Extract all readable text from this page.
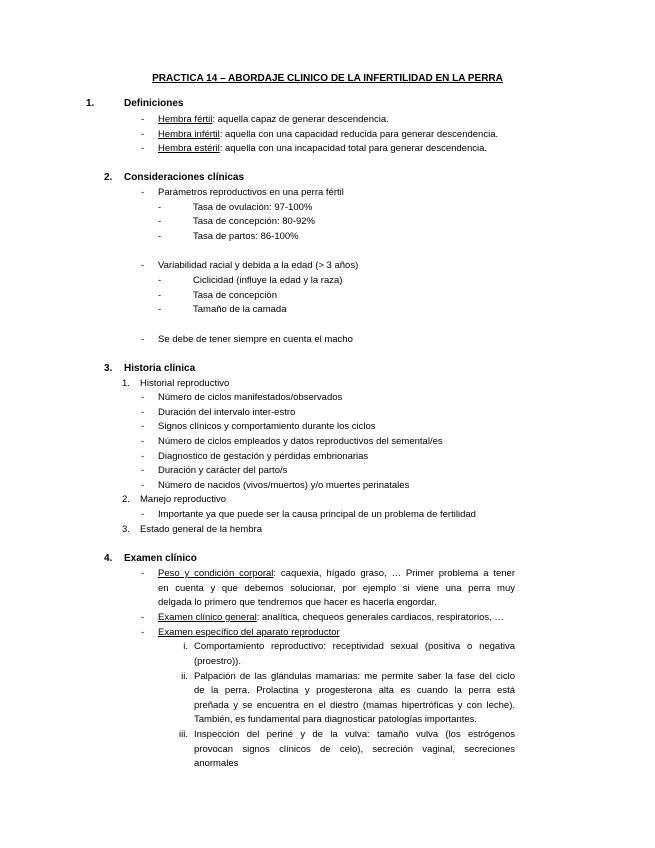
PRACTICA 14 – ABORDAJE CLINICO DE LA INFERTILIDAD EN LA PERRA
1.	Definiciones
- Hembra fértil: aquella capaz de generar descendencia.
- Hembra infértil: aquella con una capacidad reducida para generar descendencia.
- Hembra estéril: aquella con una incapacidad total para generar descendencia.
2. Consideraciones clínicas
- Parámetros reproductivos en una perra fértil
-	Tasa de ovulación: 97-100%
-	Tasa de concepción: 80-92%
-	Tasa de partos: 86-100%
- Variabilidad racial y debida a la edad (> 3 años)
-	Ciclicidad (influye la edad y la raza)
-	Tasa de concepción
-	Tamaño de la camada
- Se debe de tener siempre en cuenta el macho
3. Historia clínica
1. Historial reproductivo
- Número de ciclos manifestados/observados
- Duración del intervalo inter-estro
- Signos clínicos y comportamiento durante los ciclos
- Número de ciclos empleados y datos reproductivos del semental/es
- Diagnostico de gestación y pérdidas embrionarias
- Duración y carácter del parto/s
- Número de nacidos (vivos/muertos) y/o muertes perinatales
2. Manejo reproductivo
- Importante ya que puede ser la causa principal de un problema de fertilidad
3. Estado general de la hembra
4. Examen clínico
- Peso y condición corporal: caquexia, hígado graso, … Primer problema a tener
en cuenta y que debemos solucionar, por ejemplo si viene una perra muy
delgada lo primero que tendremos que hacer es hacerla engordar.
- Examen clínico general: analítica, chequeos generales cardiacos, respiratorios, …
- Examen específico del aparato reproductor
i. Comportamiento reproductivo: receptividad sexual (positiva o negativa
(proestro)).
ii. Palpación de las glándulas mamarias: me permite saber la fase del ciclo
de la perra. Prolactina y progesterona alta es cuando la perra está
preñada y se encuentra en el diestro (mamas hipertróficas y con leche).
También, es fundamental para diagnosticar patologías importantes.
iii. Inspección del periné y de la vulva: tamaño vulva (los estrógenos
provocan signos clínicos de celo), secreción vaginal, secreciones
anormales
